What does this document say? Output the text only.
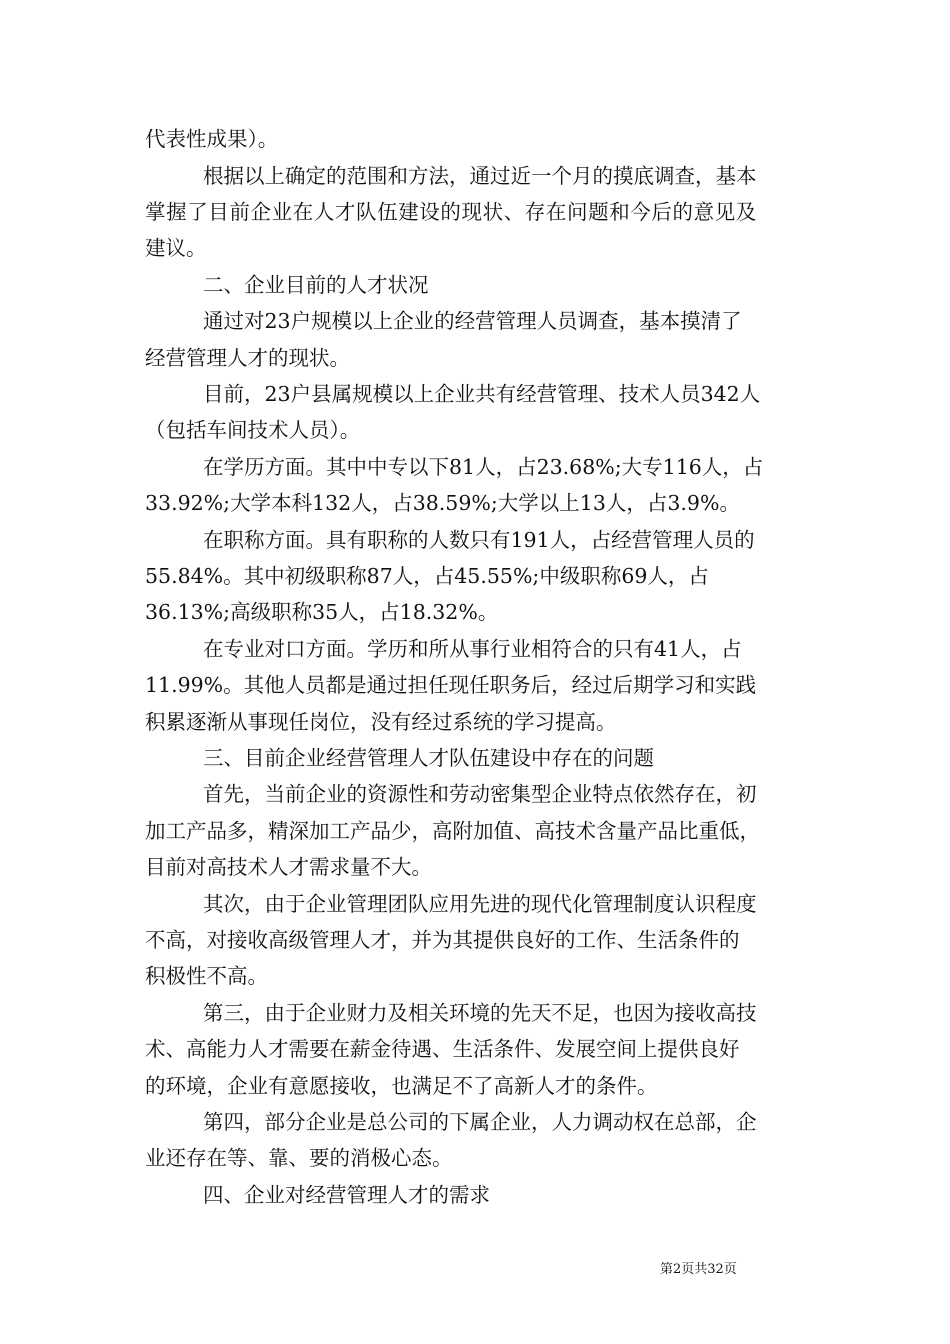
代表性成果）。
根据以上确定的范围和方法，通过近一个月的摸底调查，基本
掌握了目前企业在人才队伍建设的现状、存在问题和今后的意见及
建议。
二、企业目前的人才状况
通过对23户规模以上企业的经营管理人员调查，基本摸清了
经营管理人才的现状。
目前，23户县属规模以上企业共有经营管理、技术人员342人
（包括车间技术人员）。
在学历方面。其中中专以下81人，占23.68%;大专116人，占
33.92%;大学本科132人，占38.59%;大学以上13人，占3.9%。
在职称方面。具有职称的人数只有191人，占经营管理人员的
55.84%。其中初级职称87人，占45.55%;中级职称69人，占
36.13%;高级职称35人，占18.32%。
在专业对口方面。学历和所从事行业相符合的只有41人，占
11.99%。其他人员都是通过担任现任职务后，经过后期学习和实践
积累逐渐从事现任岗位，没有经过系统的学习提高。
三、目前企业经营管理人才队伍建设中存在的问题
首先，当前企业的资源性和劳动密集型企业特点依然存在，初
加工产品多，精深加工产品少，高附加值、高技术含量产品比重低，
目前对高技术人才需求量不大。
其次，由于企业管理团队应用先进的现代化管理制度认识程度
不高，对接收高级管理人才，并为其提供良好的工作、生活条件的
积极性不高。
第三，由于企业财力及相关环境的先天不足，也因为接收高技
术、高能力人才需要在薪金待遇、生活条件、发展空间上提供良好
的环境，企业有意愿接收，也满足不了高新人才的条件。
第四，部分企业是总公司的下属企业，人力调动权在总部，企
业还存在等、靠、要的消极心态。
四、企业对经营管理人才的需求
第2页共32页
